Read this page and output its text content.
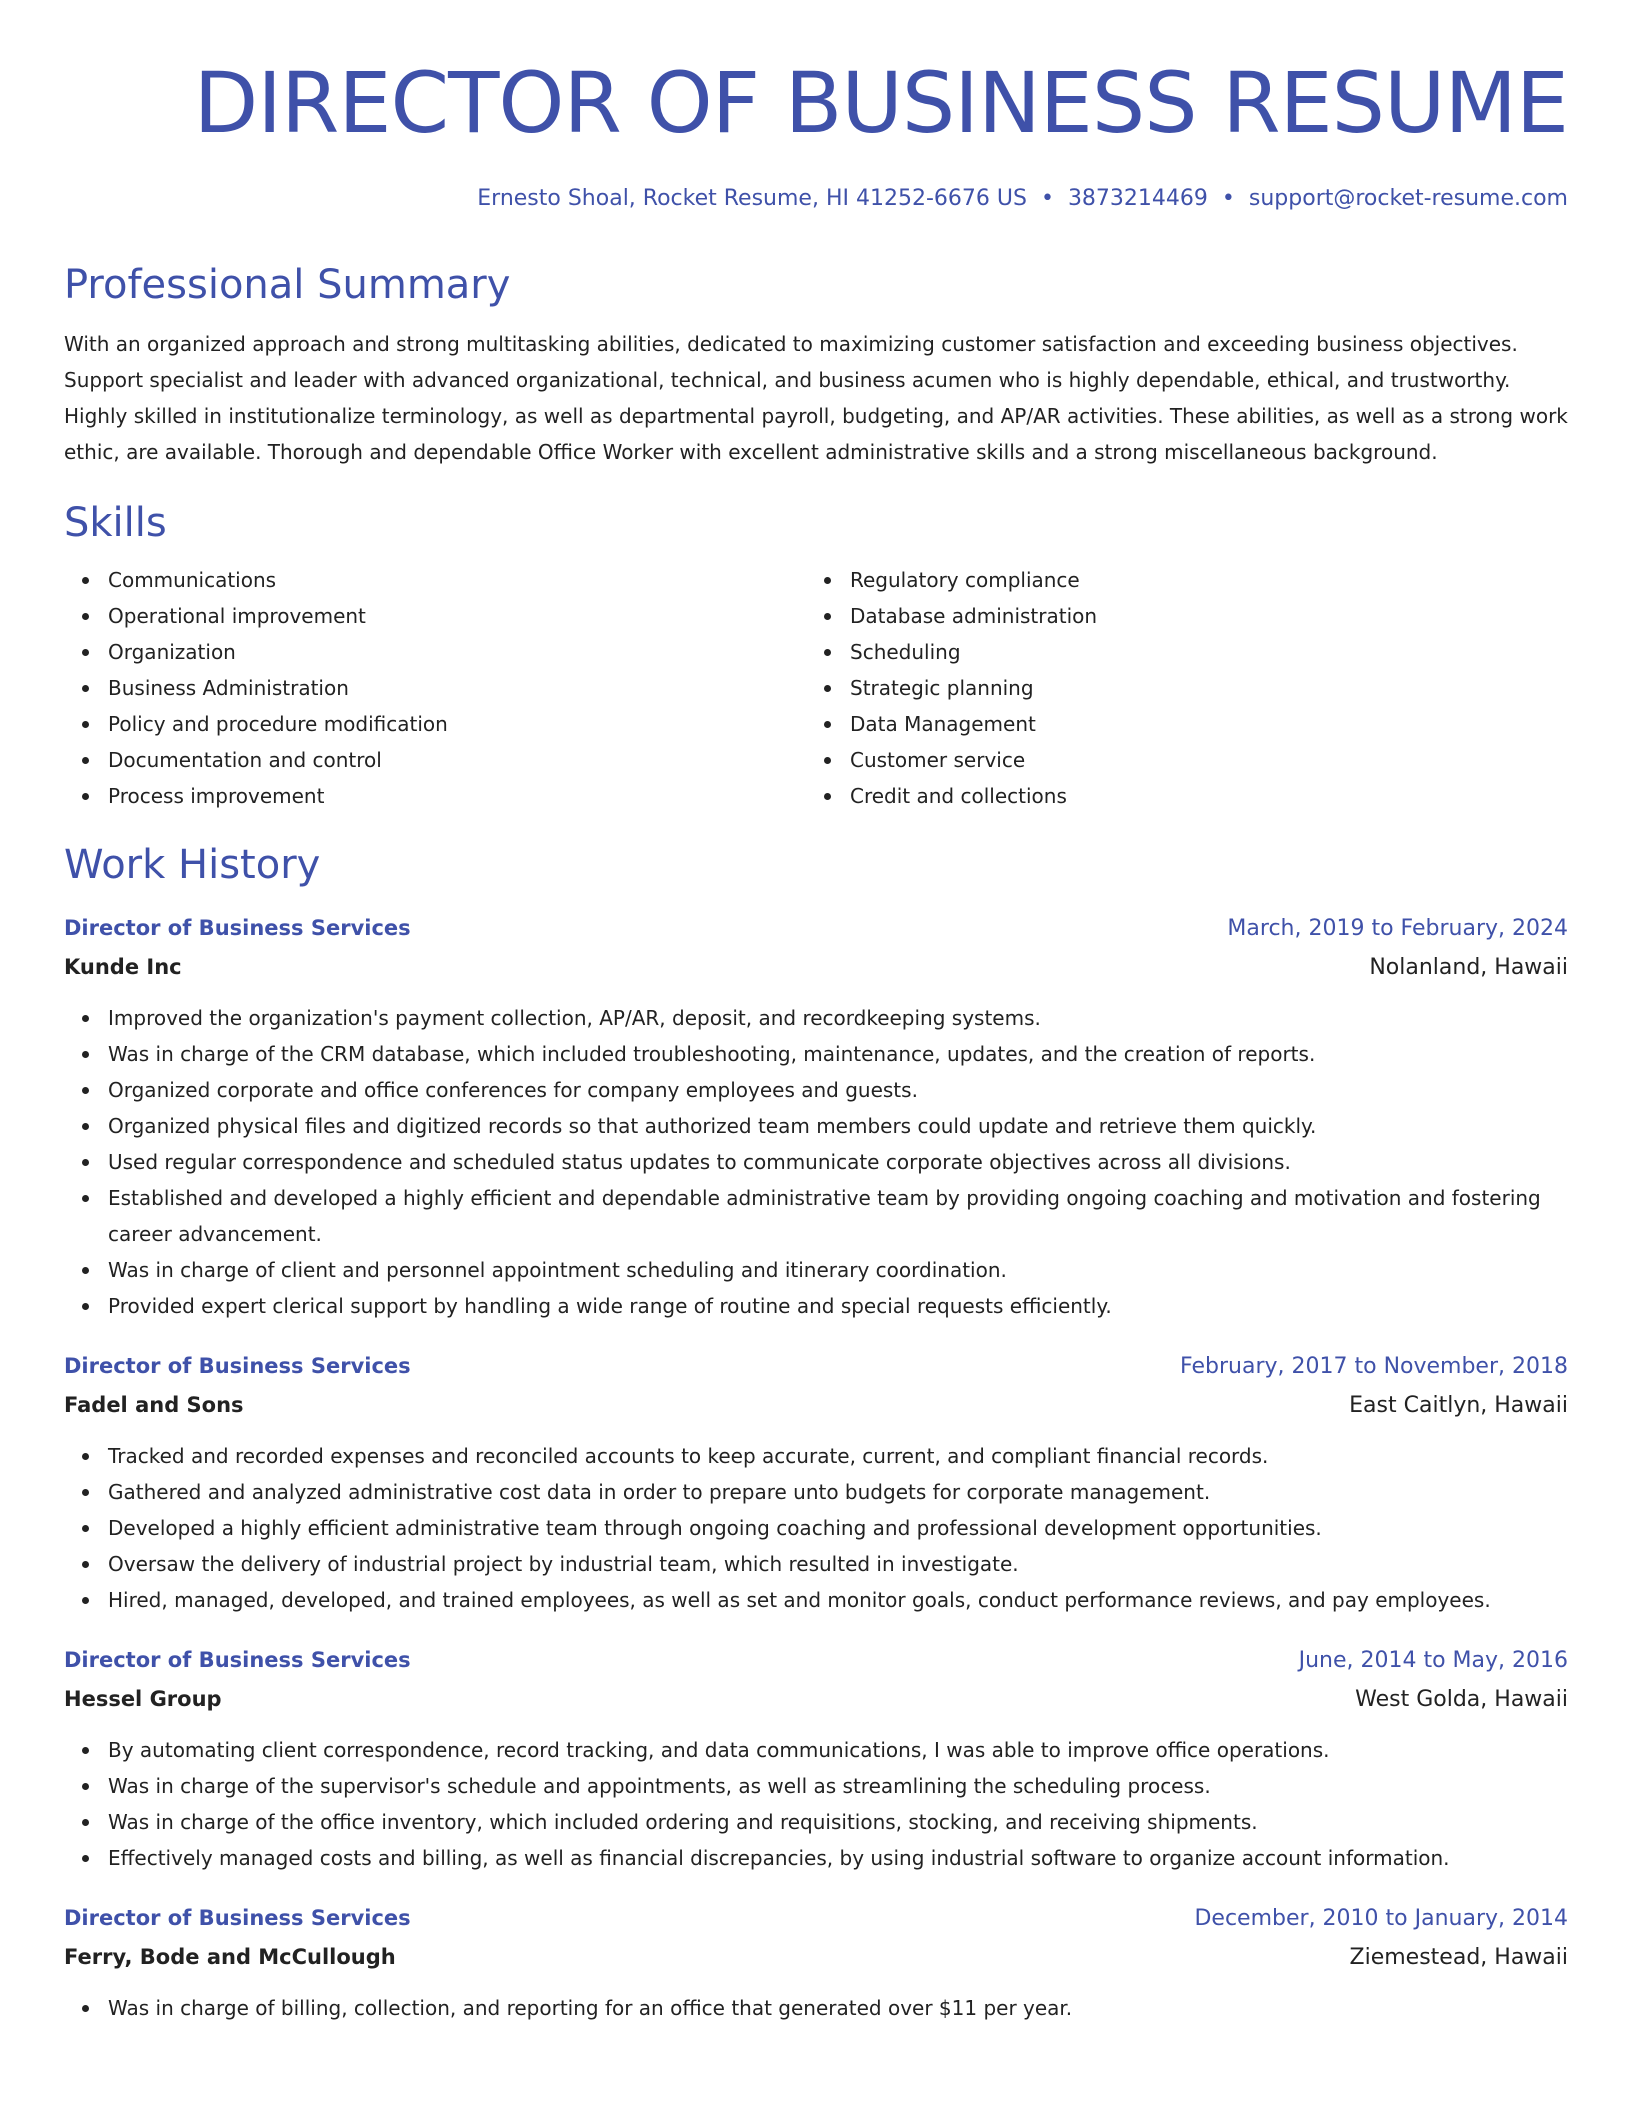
DIRECTOR OF BUSINESS RESUME
Ernesto Shoal, Rocket Resume, HI 41252-6676 US • 3873214469 • support@rocket-resume.com
Professional Summary

With an organized approach and strong multitasking abilities, dedicated to maximizing customer satisfaction and exceeding business objectives. Support specialist and leader with advanced organizational, technical, and business acumen who is highly dependable, ethical, and trustworthy. Highly skilled in institutionalize terminology, as well as departmental payroll, budgeting, and AP/AR activities. These abilities, as well as a strong work ethic, are available. Thorough and dependable Office Worker with excellent administrative skills and a strong miscellaneous background.

Skills
Communications
Operational improvement
Organization
Business Administration
Policy and procedure modification
Documentation and control
Process improvement
Regulatory compliance
Database administration
Scheduling
Strategic planning
Data Management
Customer service
Credit and collections
Work History
Director of Business Services	March, 2019 to February, 2024
Kunde Inc	Nolanland, Hawaii
Improved the organization's payment collection, AP/AR, deposit, and recordkeeping systems.
Was in charge of the CRM database, which included troubleshooting, maintenance, updates, and the creation of reports.
Organized corporate and office conferences for company employees and guests.
Organized physical files and digitized records so that authorized team members could update and retrieve them quickly.
Used regular correspondence and scheduled status updates to communicate corporate objectives across all divisions.
Established and developed a highly efficient and dependable administrative team by providing ongoing coaching and motivation and fostering career advancement.
Was in charge of client and personnel appointment scheduling and itinerary coordination.
Provided expert clerical support by handling a wide range of routine and special requests efficiently.
Director of Business Services	February, 2017 to November, 2018
Fadel and Sons	East Caitlyn, Hawaii
Tracked and recorded expenses and reconciled accounts to keep accurate, current, and compliant financial records.
Gathered and analyzed administrative cost data in order to prepare unto budgets for corporate management.
Developed a highly efficient administrative team through ongoing coaching and professional development opportunities.
Oversaw the delivery of industrial project by industrial team, which resulted in investigate.
Hired, managed, developed, and trained employees, as well as set and monitor goals, conduct performance reviews, and pay employees.
Director of Business Services	June, 2014 to May, 2016
Hessel Group	West Golda, Hawaii
By automating client correspondence, record tracking, and data communications, I was able to improve office operations.
Was in charge of the supervisor's schedule and appointments, as well as streamlining the scheduling process.
Was in charge of the office inventory, which included ordering and requisitions, stocking, and receiving shipments.
Effectively managed costs and billing, as well as financial discrepancies, by using industrial software to organize account information.
Director of Business Services	December, 2010 to January, 2014
Ferry, Bode and McCullough	Ziemestead, Hawaii
Was in charge of billing, collection, and reporting for an office that generated over $11 per year.
